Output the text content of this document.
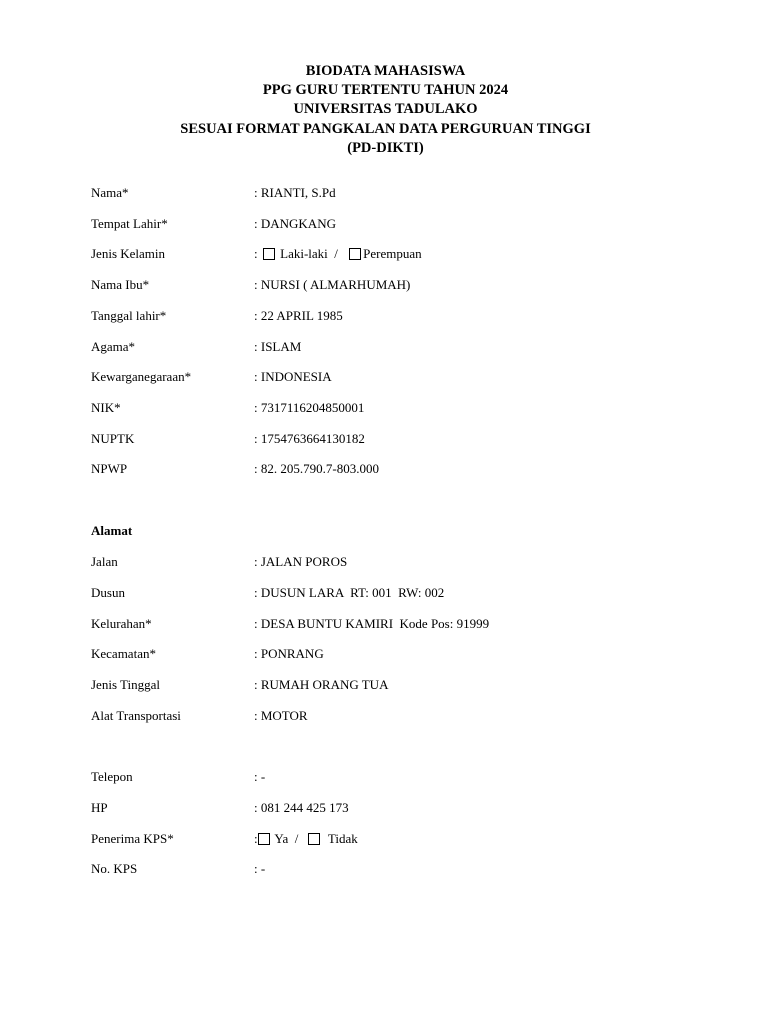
BIODATA MAHASISWA
PPG GURU TERTENTU TAHUN 2024
UNIVERSITAS TADULAKO
SESUAI FORMAT PANGKALAN DATA PERGURUAN TINGGI
(PD-DIKTI)
Nama*	: RIANTI, S.Pd
Tempat Lahir*	: DANGKANG
Jenis Kelamin	: Laki-laki  / Perempuan
Nama Ibu*	: NURSI ( ALMARHUMAH)
Tanggal lahir*	: 22 APRIL 1985
Agama*	: ISLAM
Kewarganegaraan*	: INDONESIA
NIK*	: 7317116204850001
NUPTK	: 1754763664130182
NPWP	: 82. 205.790.7-803.000
Alamat
Jalan	: JALAN POROS
Dusun	: DUSUN LARA  RT: 001  RW: 002
Kelurahan*	: DESA BUNTU KAMIRI  Kode Pos: 91999
Kecamatan*	: PONRANG
Jenis Tinggal	: RUMAH ORANG TUA
Alat Transportasi	: MOTOR
Telepon	: -
HP	: 081 244 425 173
Penerima KPS*	: Ya  / Tidak
No. KPS	: -
